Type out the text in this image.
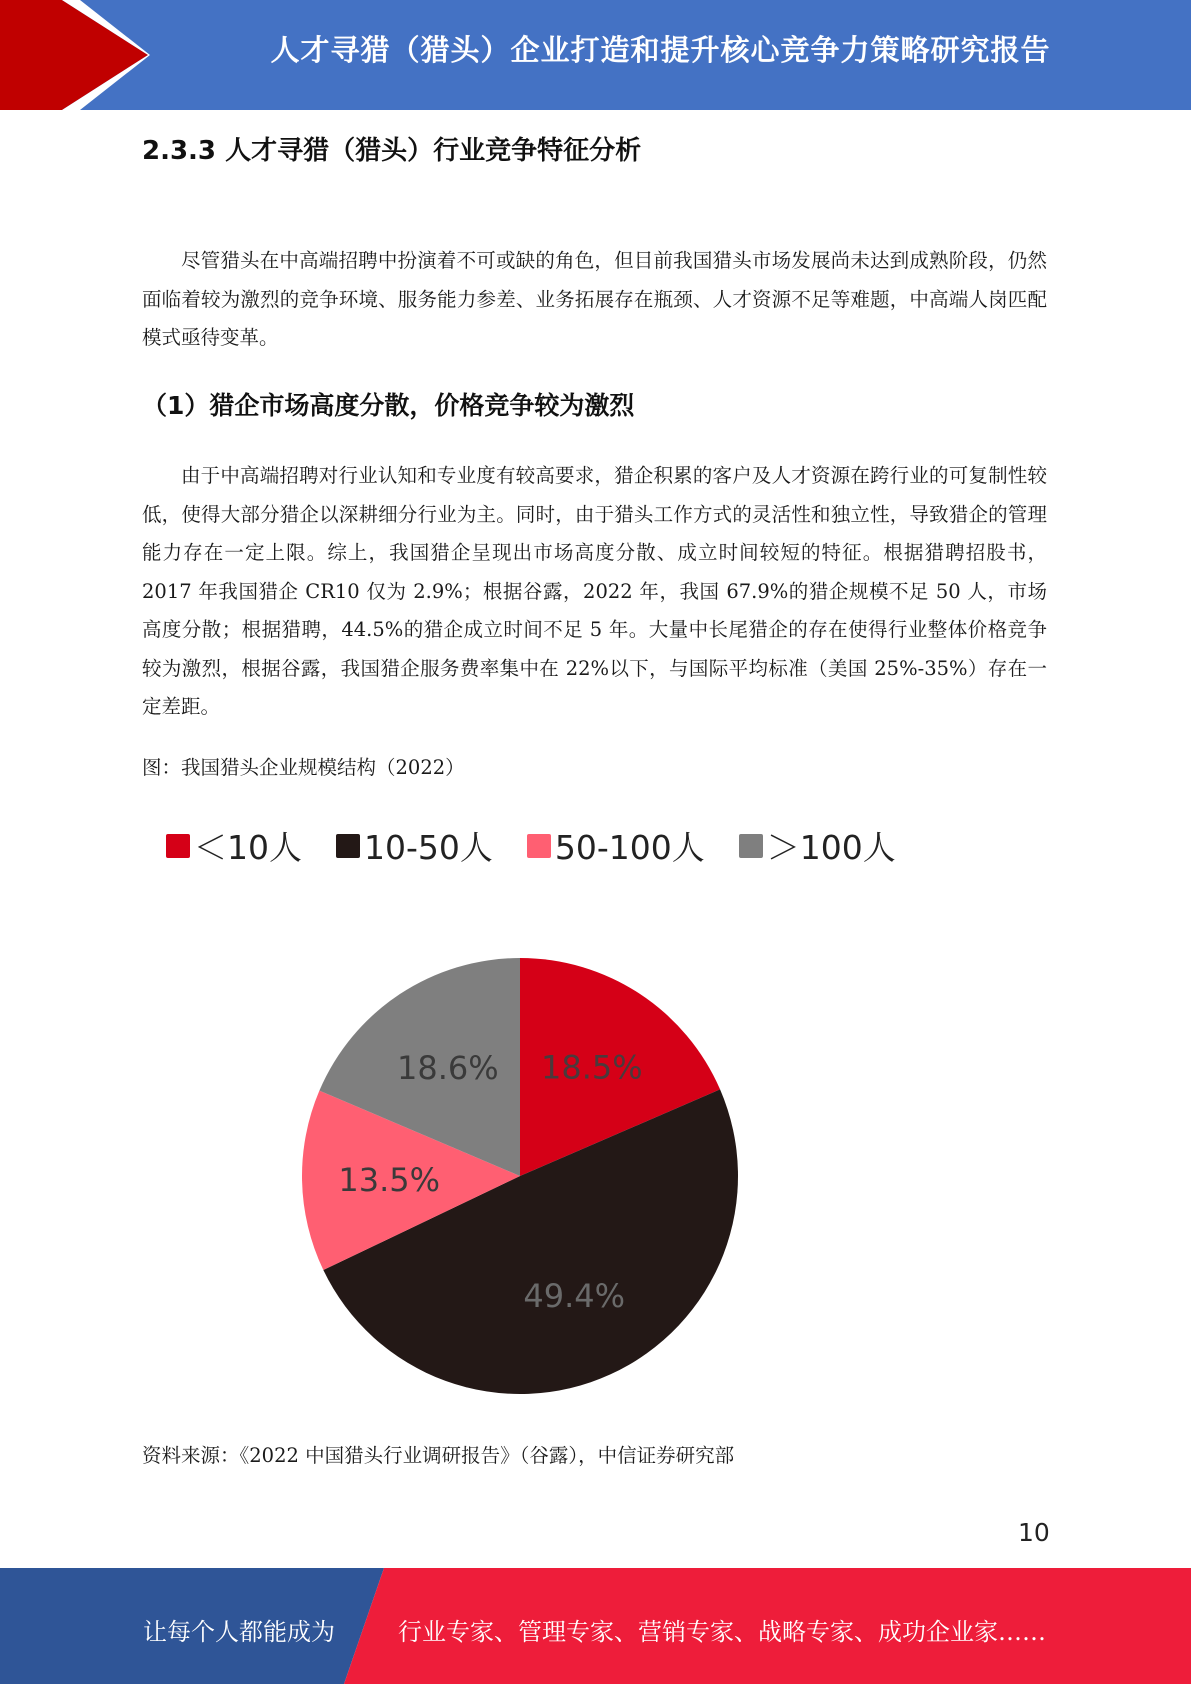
人才寻猎（猎头）企业打造和提升核心竞争力策略研究报告
2.3.3 人才寻猎（猎头）行业竞争特征分析

尽管猎头在中高端招聘中扮演着不可或缺的角色，但目前我国猎头市场发展尚未达到成熟阶段，仍然面临着较为激烈的竞争环境、服务能力参差、业务拓展存在瓶颈、人才资源不足等难题，中高端人岗匹配模式亟待变革。

（1）猎企市场高度分散，价格竞争较为激烈

由于中高端招聘对行业认知和专业度有较高要求，猎企积累的客户及人才资源在跨行业的可复制性较低，使得大部分猎企以深耕细分行业为主。同时，由于猎头工作方式的灵活性和独立性，导致猎企的管理能力存在一定上限。综上，我国猎企呈现出市场高度分散、成立时间较短的特征。根据猎聘招股书，2017 年我国猎企 CR10 仅为 2.9%；根据谷露，2022 年，我国 67.9%的猎企规模不足 50 人，市场高度分散；根据猎聘，44.5%的猎企成立时间不足 5 年。大量中长尾猎企的存在使得行业整体价格竞争较为激烈，根据谷露，我国猎企服务费率集中在 22%以下，与国际平均标准（美国 25%-35%）存在一定差距。

图：我国猎头企业规模结构（2022）
＜10人 10-50人 50-100人 ＞100人
18.5%
49.4%
13.5%
18.6%
资料来源：《2022 中国猎头行业调研报告》（谷露），中信证券研究部
10
让每个人都能成为	行业专家、管理专家、营销专家、战略专家、成功企业家……
